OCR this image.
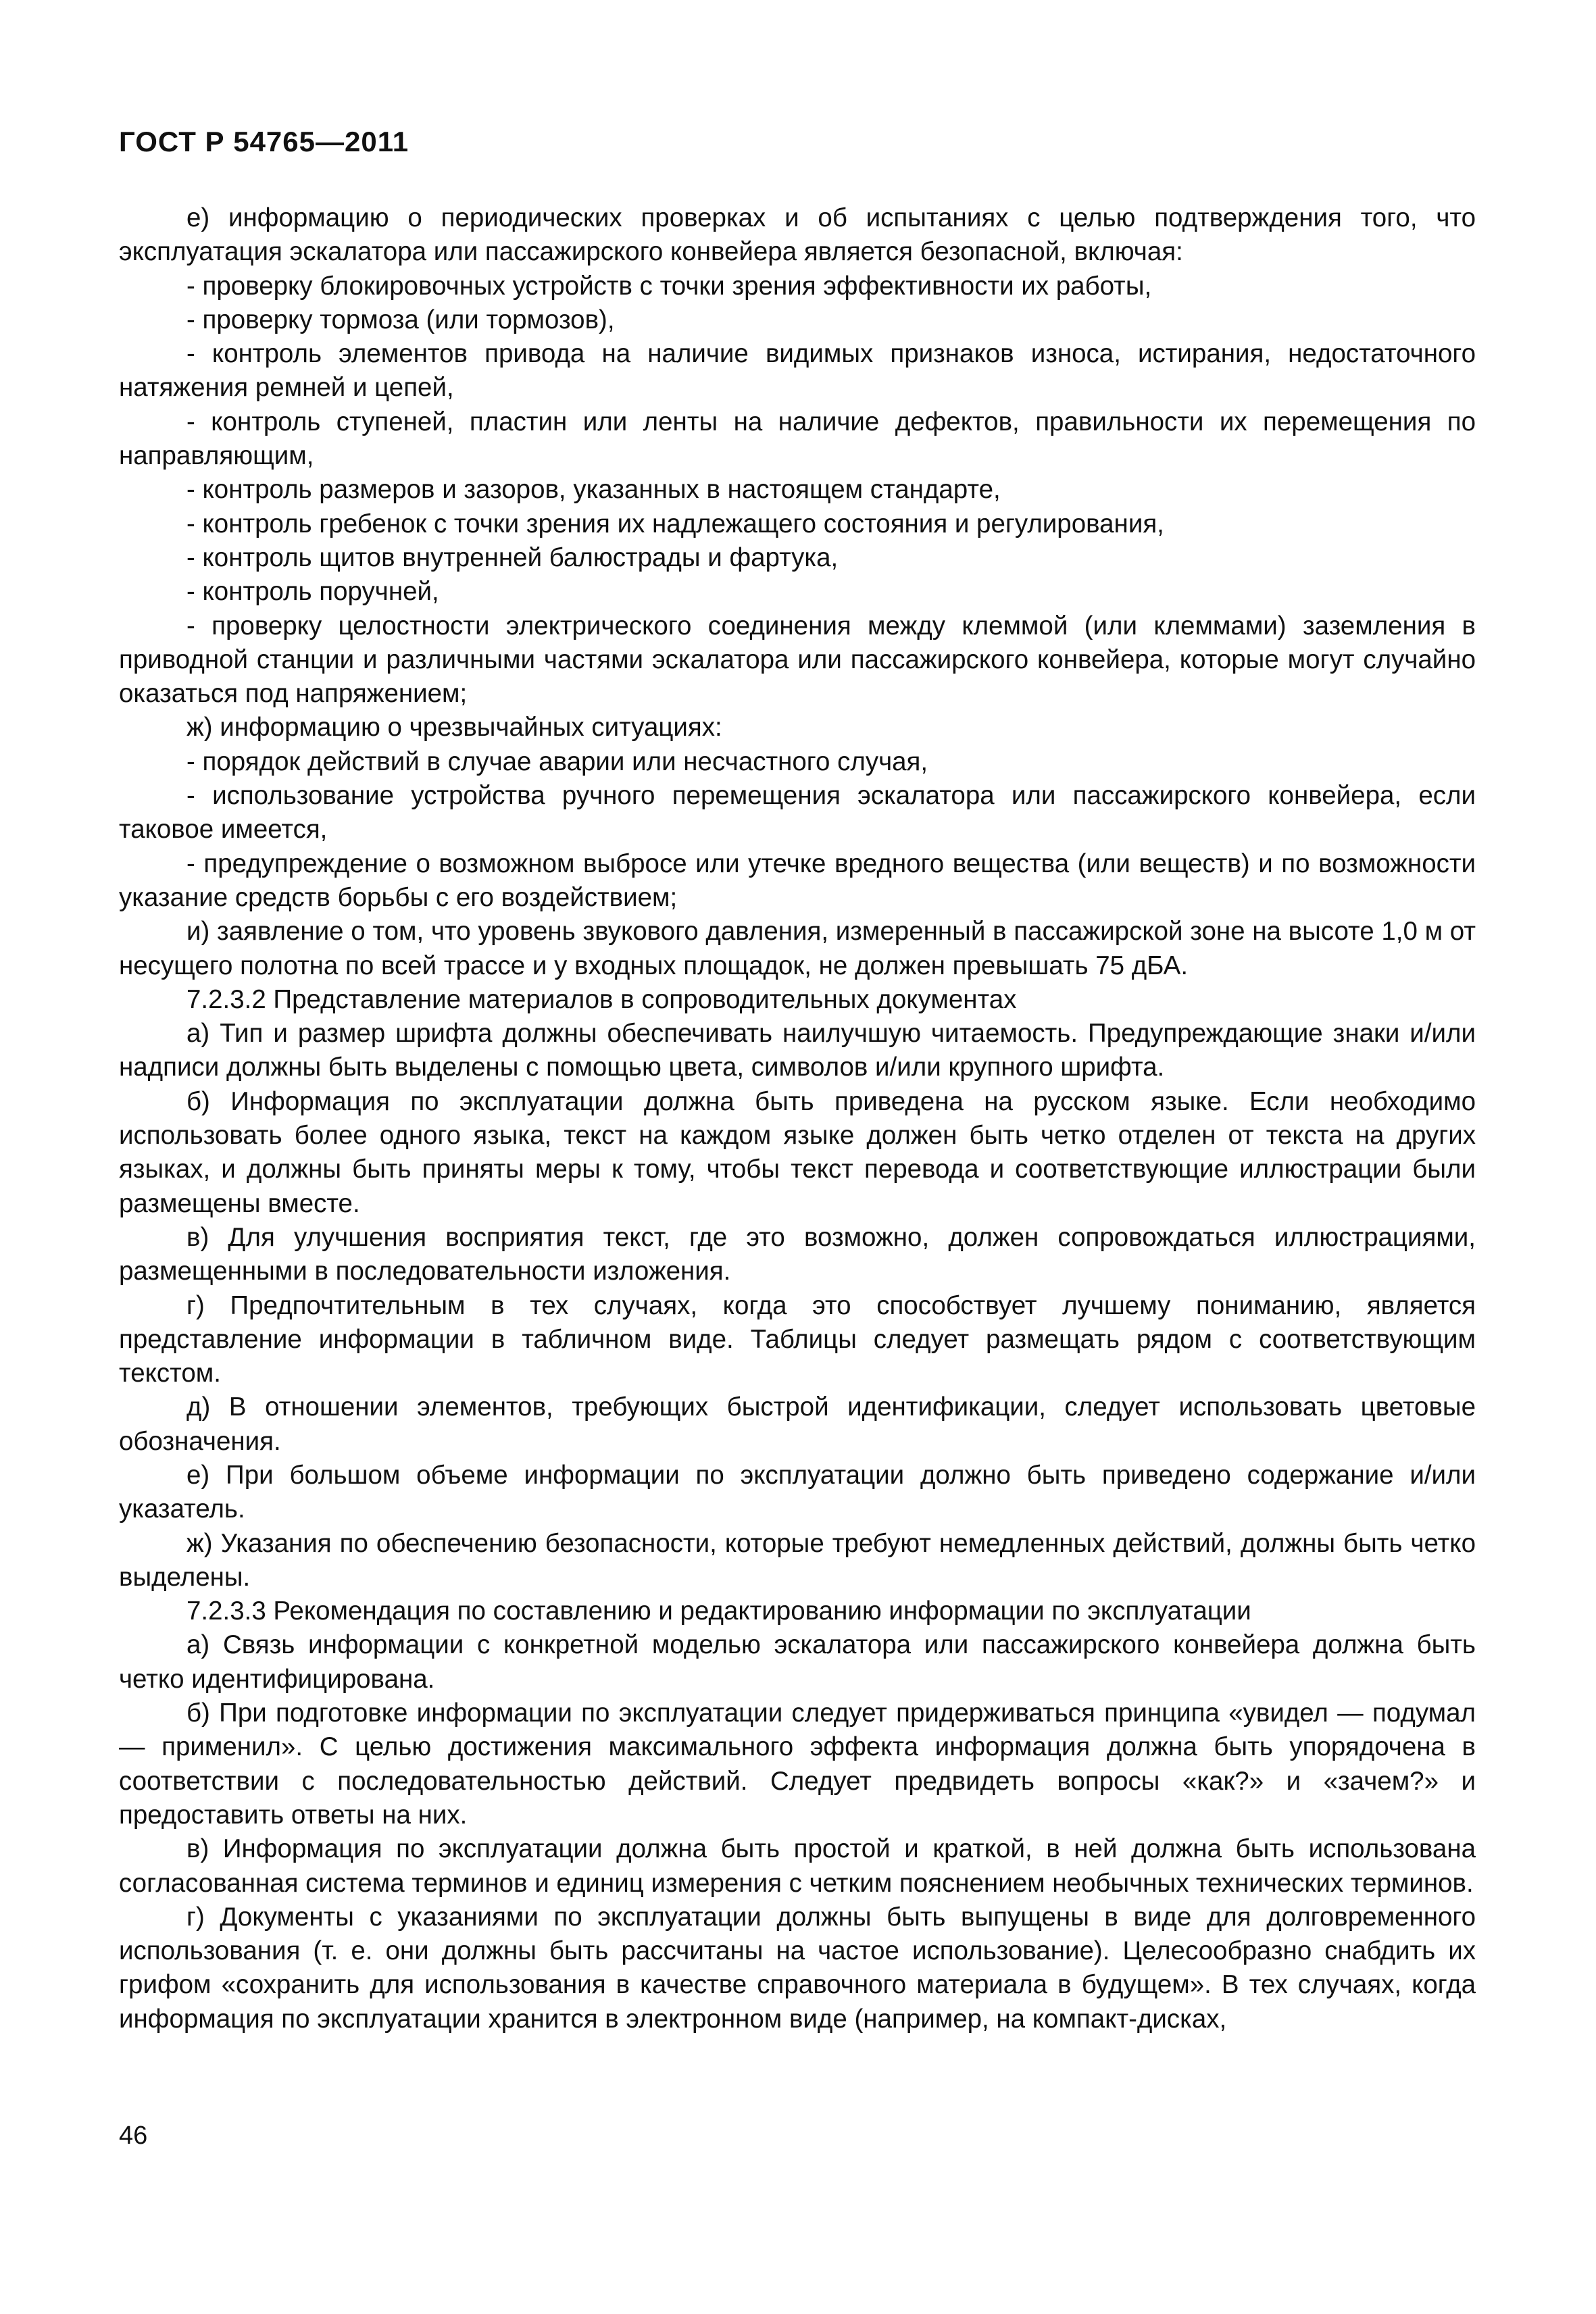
ГОСТ Р 54765—2011

е) информацию о периодических проверках и об испытаниях с целью подтверждения того, что эксплуатация эскалатора или пассажирского конвейера является безопасной, включая:

- проверку блокировочных устройств с точки зрения эффективности их работы,

- проверку тормоза (или тормозов),

- контроль элементов привода на наличие видимых признаков износа, истирания, недостаточного натяжения ремней и цепей,

- контроль ступеней, пластин или ленты на наличие дефектов, правильности их перемещения по направляющим,

- контроль размеров и зазоров, указанных в настоящем стандарте,

- контроль гребенок с точки зрения их надлежащего состояния и регулирования,

- контроль щитов внутренней балюстрады и фартука,

- контроль поручней,

- проверку целостности электрического соединения между клеммой (или клеммами) заземления в приводной станции и различными частями эскалатора или пассажирского конвейера, которые могут случайно оказаться под напряжением;

ж) информацию о чрезвычайных ситуациях:

- порядок действий в случае аварии или несчастного случая,

- использование устройства ручного перемещения эскалатора или пассажирского конвейера, если таковое имеется,

- предупреждение о возможном выбросе или утечке вредного вещества (или веществ) и по возможности указание средств борьбы с его воздействием;

и) заявление о том, что уровень звукового давления, измеренный в пассажирской зоне на высоте 1,0 м от несущего полотна по всей трассе и у входных площадок, не должен превышать 75 дБА.

7.2.3.2 Представление материалов в сопроводительных документах

а) Тип и размер шрифта должны обеспечивать наилучшую читаемость. Предупреждающие знаки и/или надписи должны быть выделены с помощью цвета, символов и/или крупного шрифта.

б) Информация по эксплуатации должна быть приведена на русском языке. Если необходимо использовать более одного языка, текст на каждом языке должен быть четко отделен от текста на других языках, и должны быть приняты меры к тому, чтобы текст перевода и соответствующие иллюстрации были размещены вместе.

в) Для улучшения восприятия текст, где это возможно, должен сопровождаться иллюстрациями, размещенными в последовательности изложения.

г) Предпочтительным в тех случаях, когда это способствует лучшему пониманию, является представление информации в табличном виде. Таблицы следует размещать рядом с соответствующим текстом.

д) В отношении элементов, требующих быстрой идентификации, следует использовать цветовые обозначения.

е) При большом объеме информации по эксплуатации должно быть приведено содержание и/или указатель.

ж) Указания по обеспечению безопасности, которые требуют немедленных действий, должны быть четко выделены.

7.2.3.3 Рекомендация по составлению и редактированию информации по эксплуатации

а) Связь информации с конкретной моделью эскалатора или пассажирского конвейера должна быть четко идентифицирована.

б) При подготовке информации по эксплуатации следует придерживаться принципа «увидел — подумал — применил». С целью достижения максимального эффекта информация должна быть упорядочена в соответствии с последовательностью действий. Следует предвидеть вопросы «как?» и «зачем?» и предоставить ответы на них.

в) Информация по эксплуатации должна быть простой и краткой, в ней должна быть использована согласованная система терминов и единиц измерения с четким пояснением необычных технических терминов.

г) Документы с указаниями по эксплуатации должны быть выпущены в виде для долговременного использования (т. е. они должны быть рассчитаны на частое использование). Целесообразно снабдить их грифом «сохранить для использования в качестве справочного материала в будущем». В тех случаях, когда информация по эксплуатации хранится в электронном виде (например, на компакт-дисках,

46
